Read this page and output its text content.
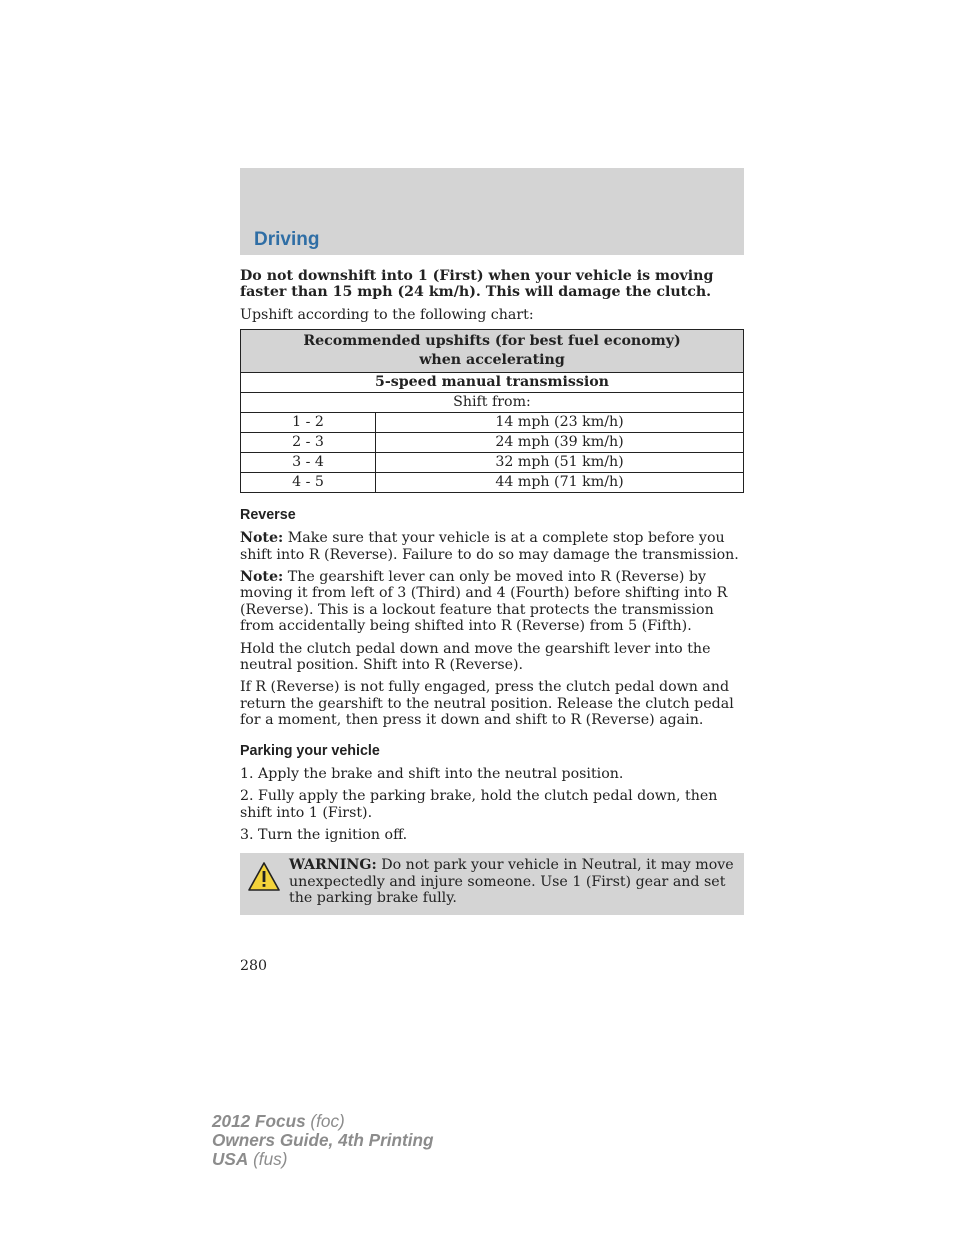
Driving

Do not downshift into 1 (First) when your vehicle is moving faster than 15 mph (24 km/h). This will damage the clutch.

Upshift according to the following chart:

Recommended upshifts (for best fuel economy) when accelerating	
5-speed manual transmission	
Shift from:	
1 - 2	14 mph (23 km/h)
2 - 3	24 mph (39 km/h)
3 - 4	32 mph (51 km/h)
4 - 5	44 mph (71 km/h)
Reverse

Note: Make sure that your vehicle is at a complete stop before you shift into R (Reverse). Failure to do so may damage the transmission.

Note: The gearshift lever can only be moved into R (Reverse) by moving it from left of 3 (Third) and 4 (Fourth) before shifting into R (Reverse). This is a lockout feature that protects the transmission from accidentally being shifted into R (Reverse) from 5 (Fifth).

Hold the clutch pedal down and move the gearshift lever into the neutral position. Shift into R (Reverse).

If R (Reverse) is not fully engaged, press the clutch pedal down and return the gearshift to the neutral position. Release the clutch pedal for a moment, then press it down and shift to R (Reverse) again.

Parking your vehicle

1. Apply the brake and shift into the neutral position.

2. Fully apply the parking brake, hold the clutch pedal down, then shift into 1 (First).

3. Turn the ignition off.

WARNING: Do not park your vehicle in Neutral, it may move unexpectedly and injure someone. Use 1 (First) gear and set the parking brake fully.
280
2012 Focus (foc)
Owners Guide, 4th Printing
USA (fus)
